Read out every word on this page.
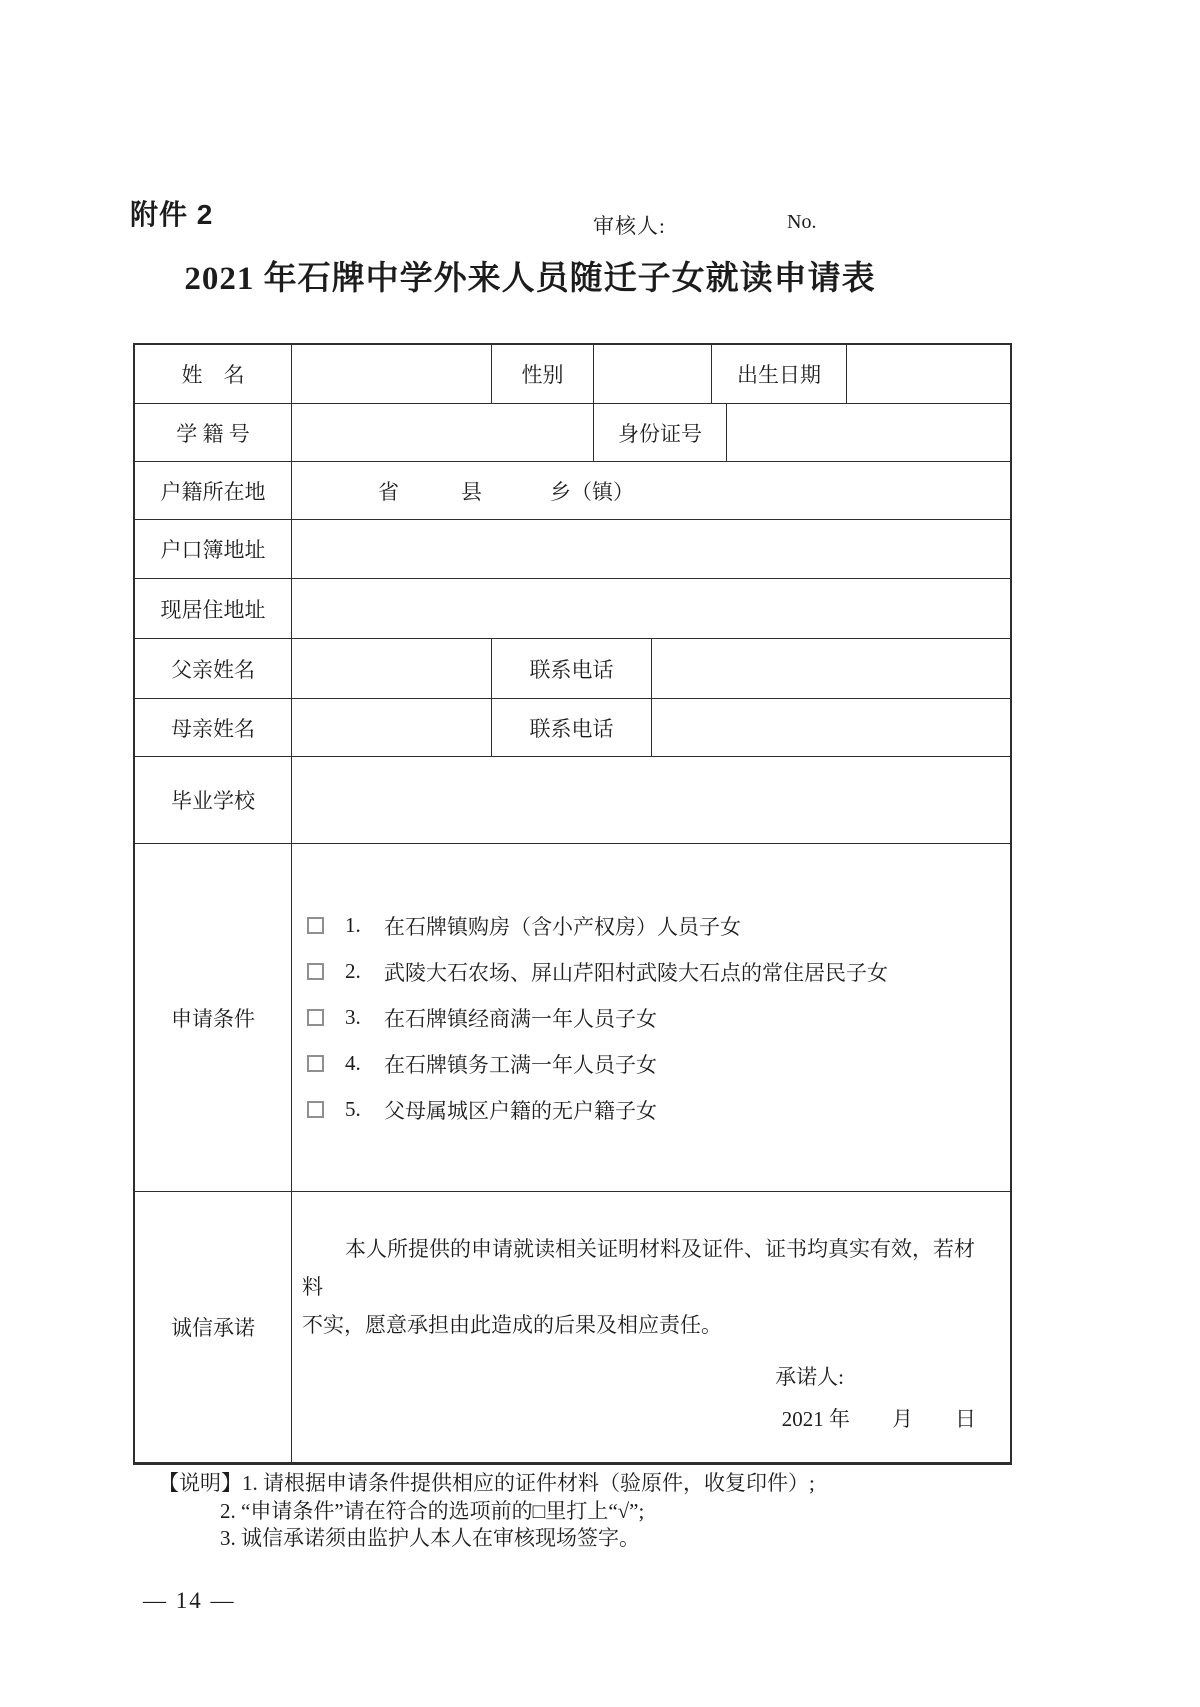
附件 2	审核人:	No.
2021 年石牌中学外来人员随迁子女就读申请表
姓　名	性别	出生日期
学 籍 号	身份证号
户籍所在地	省	县	乡（镇）
户口簿地址
现居住地址
父亲姓名	联系电话
母亲姓名	联系电话
毕业学校
申请条件
1.	在石牌镇购房（含小产权房）人员子女
2.	武陵大石农场、屏山芹阳村武陵大石点的常住居民子女
3.	在石牌镇经商满一年人员子女
4.	在石牌镇务工满一年人员子女
5.	父母属城区户籍的无户籍子女
诚信承诺
本人所提供的申请就读相关证明材料及证件、证书均真实有效，若材料
不实，愿意承担由此造成的后果及相应责任。
承诺人:
2021 年　　月　　日
【说明】1. 请根据申请条件提供相应的证件材料（验原件，收复印件）;
2. “申请条件”请在符合的选项前的□里打上“√”;
3. 诚信承诺须由监护人本人在审核现场签字。
— 14 —
